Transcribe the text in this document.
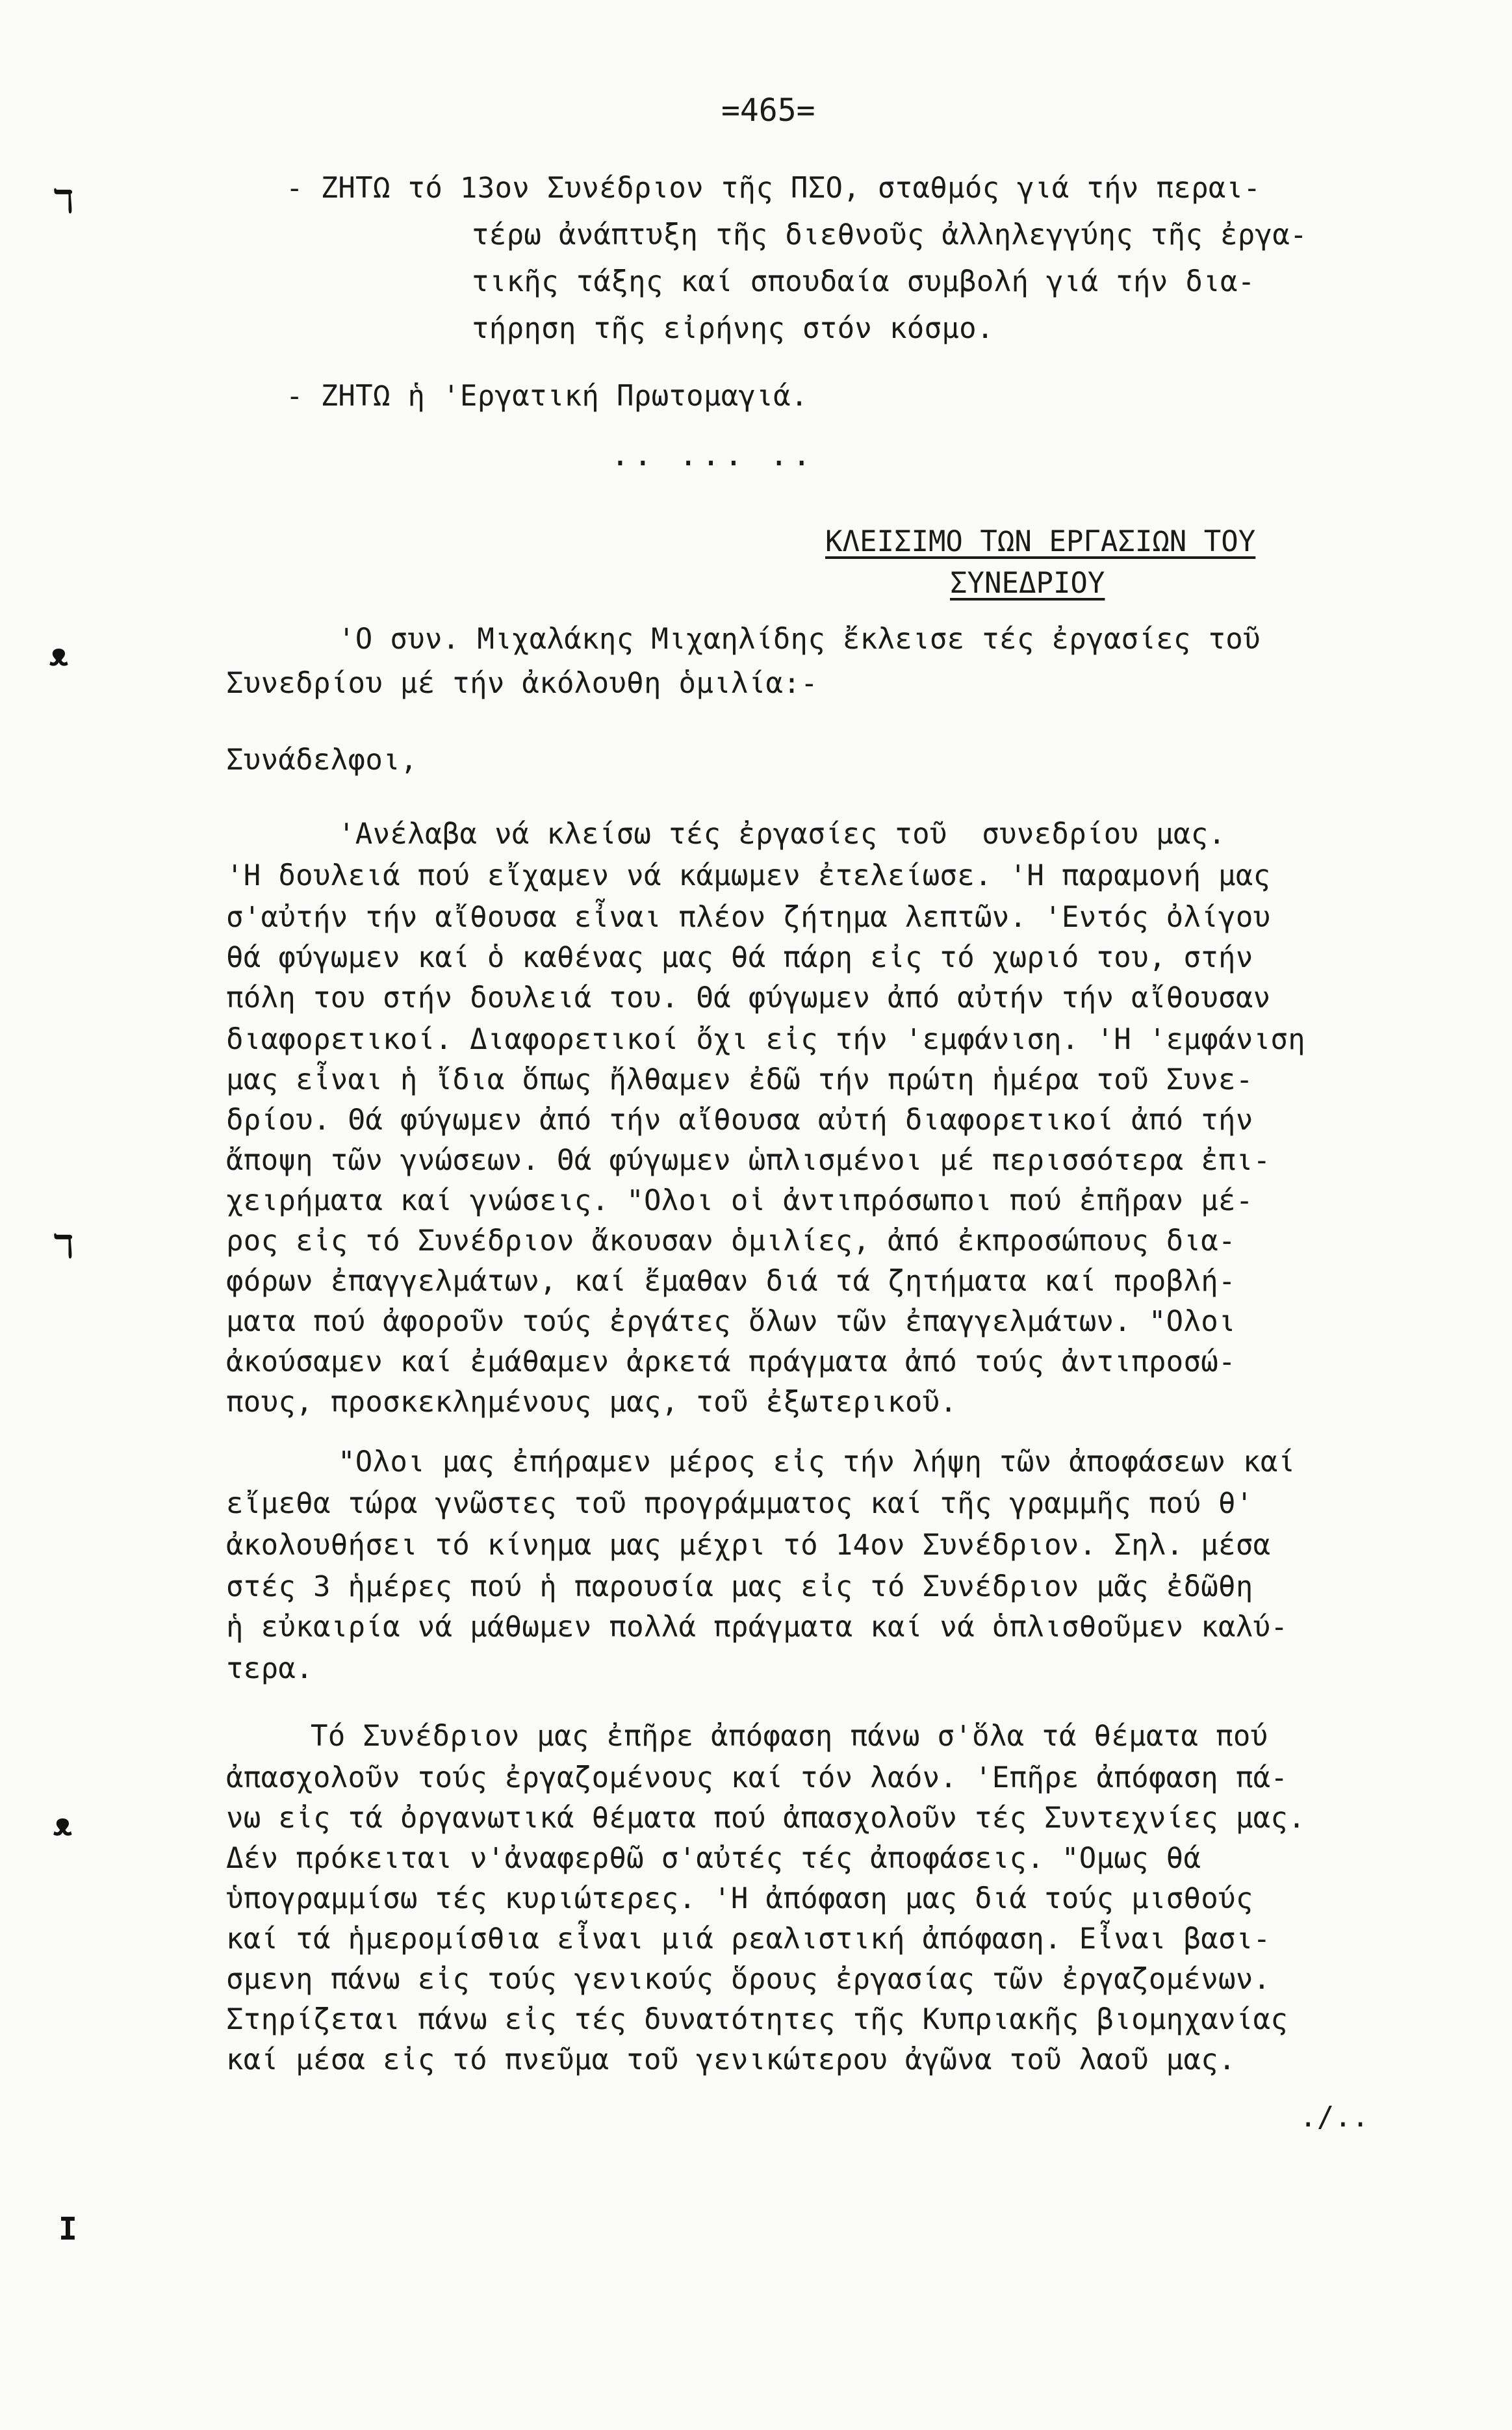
=465=
- ΖΗΤΩ τό 13ον Συνέδριον τῆς ΠΣΟ, σταθμός γιά τήν περαι-
τέρω ἀνάπτυξη τῆς διεθνοῦς ἀλληλεγγύης τῆς ἐργα-
τικῆς τάξης καί σπουδαία συμβολή γιά τήν δια-
τήρηση τῆς εἰρήνης στόν κόσμο.
- ΖΗΤΩ ἡ 'Εργατική Πρωτομαγιά.
.. ... ..
ΚΛΕΙΣΙΜΟ ΤΩΝ ΕΡΓΑΣΙΩΝ ΤΟΥ
ΣΥΝΕΔΡΙΟΥ
'Ο συν. Μιχαλάκης Μιχαηλίδης ἔκλεισε τές ἐργασίες τοῦ
Συνεδρίου μέ τήν ἀκόλουθη ὁμιλία:-
Συνάδελφοι,
'Ανέλαβα νά κλείσω τές ἐργασίες τοῦ  συνεδρίου μας.
'Η δουλειά πού εἴχαμεν νά κάμωμεν ἐτελείωσε. 'Η παραμονή μας
σ'αὐτήν τήν αἴθουσα εἶναι πλέον ζήτημα λεπτῶν. 'Εντός ὀλίγου
θά φύγωμεν καί ὁ καθένας μας θά πάρη εἰς τό χωριό του, στήν
πόλη του στήν δουλειά του. Θά φύγωμεν ἀπό αὐτήν τήν αἴθουσαν
διαφορετικοί. Διαφορετικοί ὄχι εἰς τήν 'εμφάνιση. 'Η 'εμφάνιση
μας εἶναι ἡ ἴδια ὅπως ἤλθαμεν ἐδῶ τήν πρώτη ἡμέρα τοῦ Συνε-
δρίου. Θά φύγωμεν ἀπό τήν αἴθουσα αὐτή διαφορετικοί ἀπό τήν
ἄποψη τῶν γνώσεων. Θά φύγωμεν ὡπλισμένοι μέ περισσότερα ἐπι-
χειρήματα καί γνώσεις. "Ολοι οἱ ἀντιπρόσωποι πού ἐπῆραν μέ-
ρος εἰς τό Συνέδριον ἄκουσαν ὁμιλίες, ἀπό ἐκπροσώπους δια-
φόρων ἐπαγγελμάτων, καί ἔμαθαν διά τά ζητήματα καί προβλή-
ματα πού ἀφοροῦν τούς ἐργάτες ὅλων τῶν ἐπαγγελμάτων. "Ολοι
ἀκούσαμεν καί ἐμάθαμεν ἀρκετά πράγματα ἀπό τούς ἀντιπροσώ-
πους, προσκεκλημένους μας, τοῦ ἐξωτερικοῦ.
"Ολοι μας ἐπήραμεν μέρος εἰς τήν λήψη τῶν ἀποφάσεων καί
εἴμεθα τώρα γνῶστες τοῦ προγράμματος καί τῆς γραμμῆς πού θ'
ἀκολουθήσει τό κίνημα μας μέχρι τό 14ον Συνέδριον. Σηλ. μέσα
στές 3 ἡμέρες πού ἡ παρουσία μας εἰς τό Συνέδριον μᾶς ἐδῶθη
ἡ εὐκαιρία νά μάθωμεν πολλά πράγματα καί νά ὁπλισθοῦμεν καλύ-
τερα.
Τό Συνέδριον μας ἐπῆρε ἀπόφαση πάνω σ'ὅλα τά θέματα πού
ἀπασχολοῦν τούς ἐργαζομένους καί τόν λαόν. 'Επῆρε ἀπόφαση πά-
νω εἰς τά ὀργανωτικά θέματα πού ἀπασχολοῦν τές Συντεχνίες μας.
Δέν πρόκειται ν'ἀναφερθῶ σ'αὐτές τές ἀποφάσεις. "Ομως θά
ὑπογραμμίσω τές κυριώτερες. 'Η ἀπόφαση μας διά τούς μισθούς
καί τά ἡμερομίσθια εἶναι μιά ρεαλιστική ἀπόφαση. Εἶναι βασι-
σμενη πάνω εἰς τούς γενικούς ὅρους ἐργασίας τῶν ἐργαζομένων.
Στηρίζεται πάνω εἰς τές δυνατότητες τῆς Κυπριακῆς βιομηχανίας
καί μέσα εἰς τό πνεῦμα τοῦ γενικώτερου ἀγῶνα τοῦ λαοῦ μας.
./..
ℸ
ᴥ
ℸ
ᴥ
I
